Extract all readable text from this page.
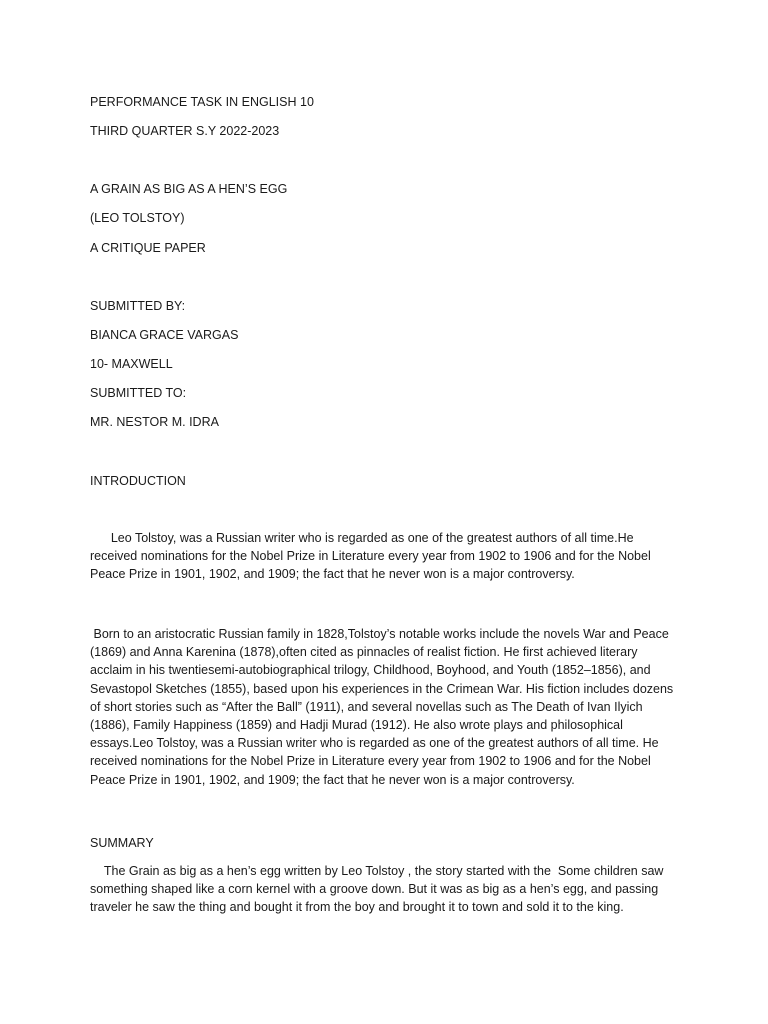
PERFORMANCE TASK IN ENGLISH 10

THIRD QUARTER S.Y 2022-2023

A GRAIN AS BIG AS A HEN’S EGG

(LEO TOLSTOY)

A CRITIQUE PAPER

SUBMITTED BY:

BIANCA GRACE VARGAS

10- MAXWELL

SUBMITTED TO:

MR. NESTOR M. IDRA

INTRODUCTION

Leo Tolstoy, was a Russian writer who is regarded as one of the greatest authors of all time.He received nominations for the Nobel Prize in Literature every year from 1902 to 1906 and for the Nobel Peace Prize in 1901, 1902, and 1909; the fact that he never won is a major controversy.

Born to an aristocratic Russian family in 1828,Tolstoy’s notable works include the novels War and Peace (1869) and Anna Karenina (1878),often cited as pinnacles of realist fiction. He first achieved literary acclaim in his twentiesemi-autobiographical trilogy, Childhood, Boyhood, and Youth (1852–1856), and Sevastopol Sketches (1855), based upon his experiences in the Crimean War. His fiction includes dozens of short stories such as “After the Ball” (1911), and several novellas such as The Death of Ivan Ilyich (1886), Family Happiness (1859) and Hadji Murad (1912). He also wrote plays and philosophical essays.Leo Tolstoy, was a Russian writer who is regarded as one of the greatest authors of all time. He received nominations for the Nobel Prize in Literature every year from 1902 to 1906 and for the Nobel Peace Prize in 1901, 1902, and 1909; the fact that he never won is a major controversy.

SUMMARY

The Grain as big as a hen’s egg written by Leo Tolstoy , the story started with the  Some children saw something shaped like a corn kernel with a groove down. But it was as big as a hen’s egg, and passing traveler he saw the thing and bought it from the boy and brought it to town and sold it to the king.
